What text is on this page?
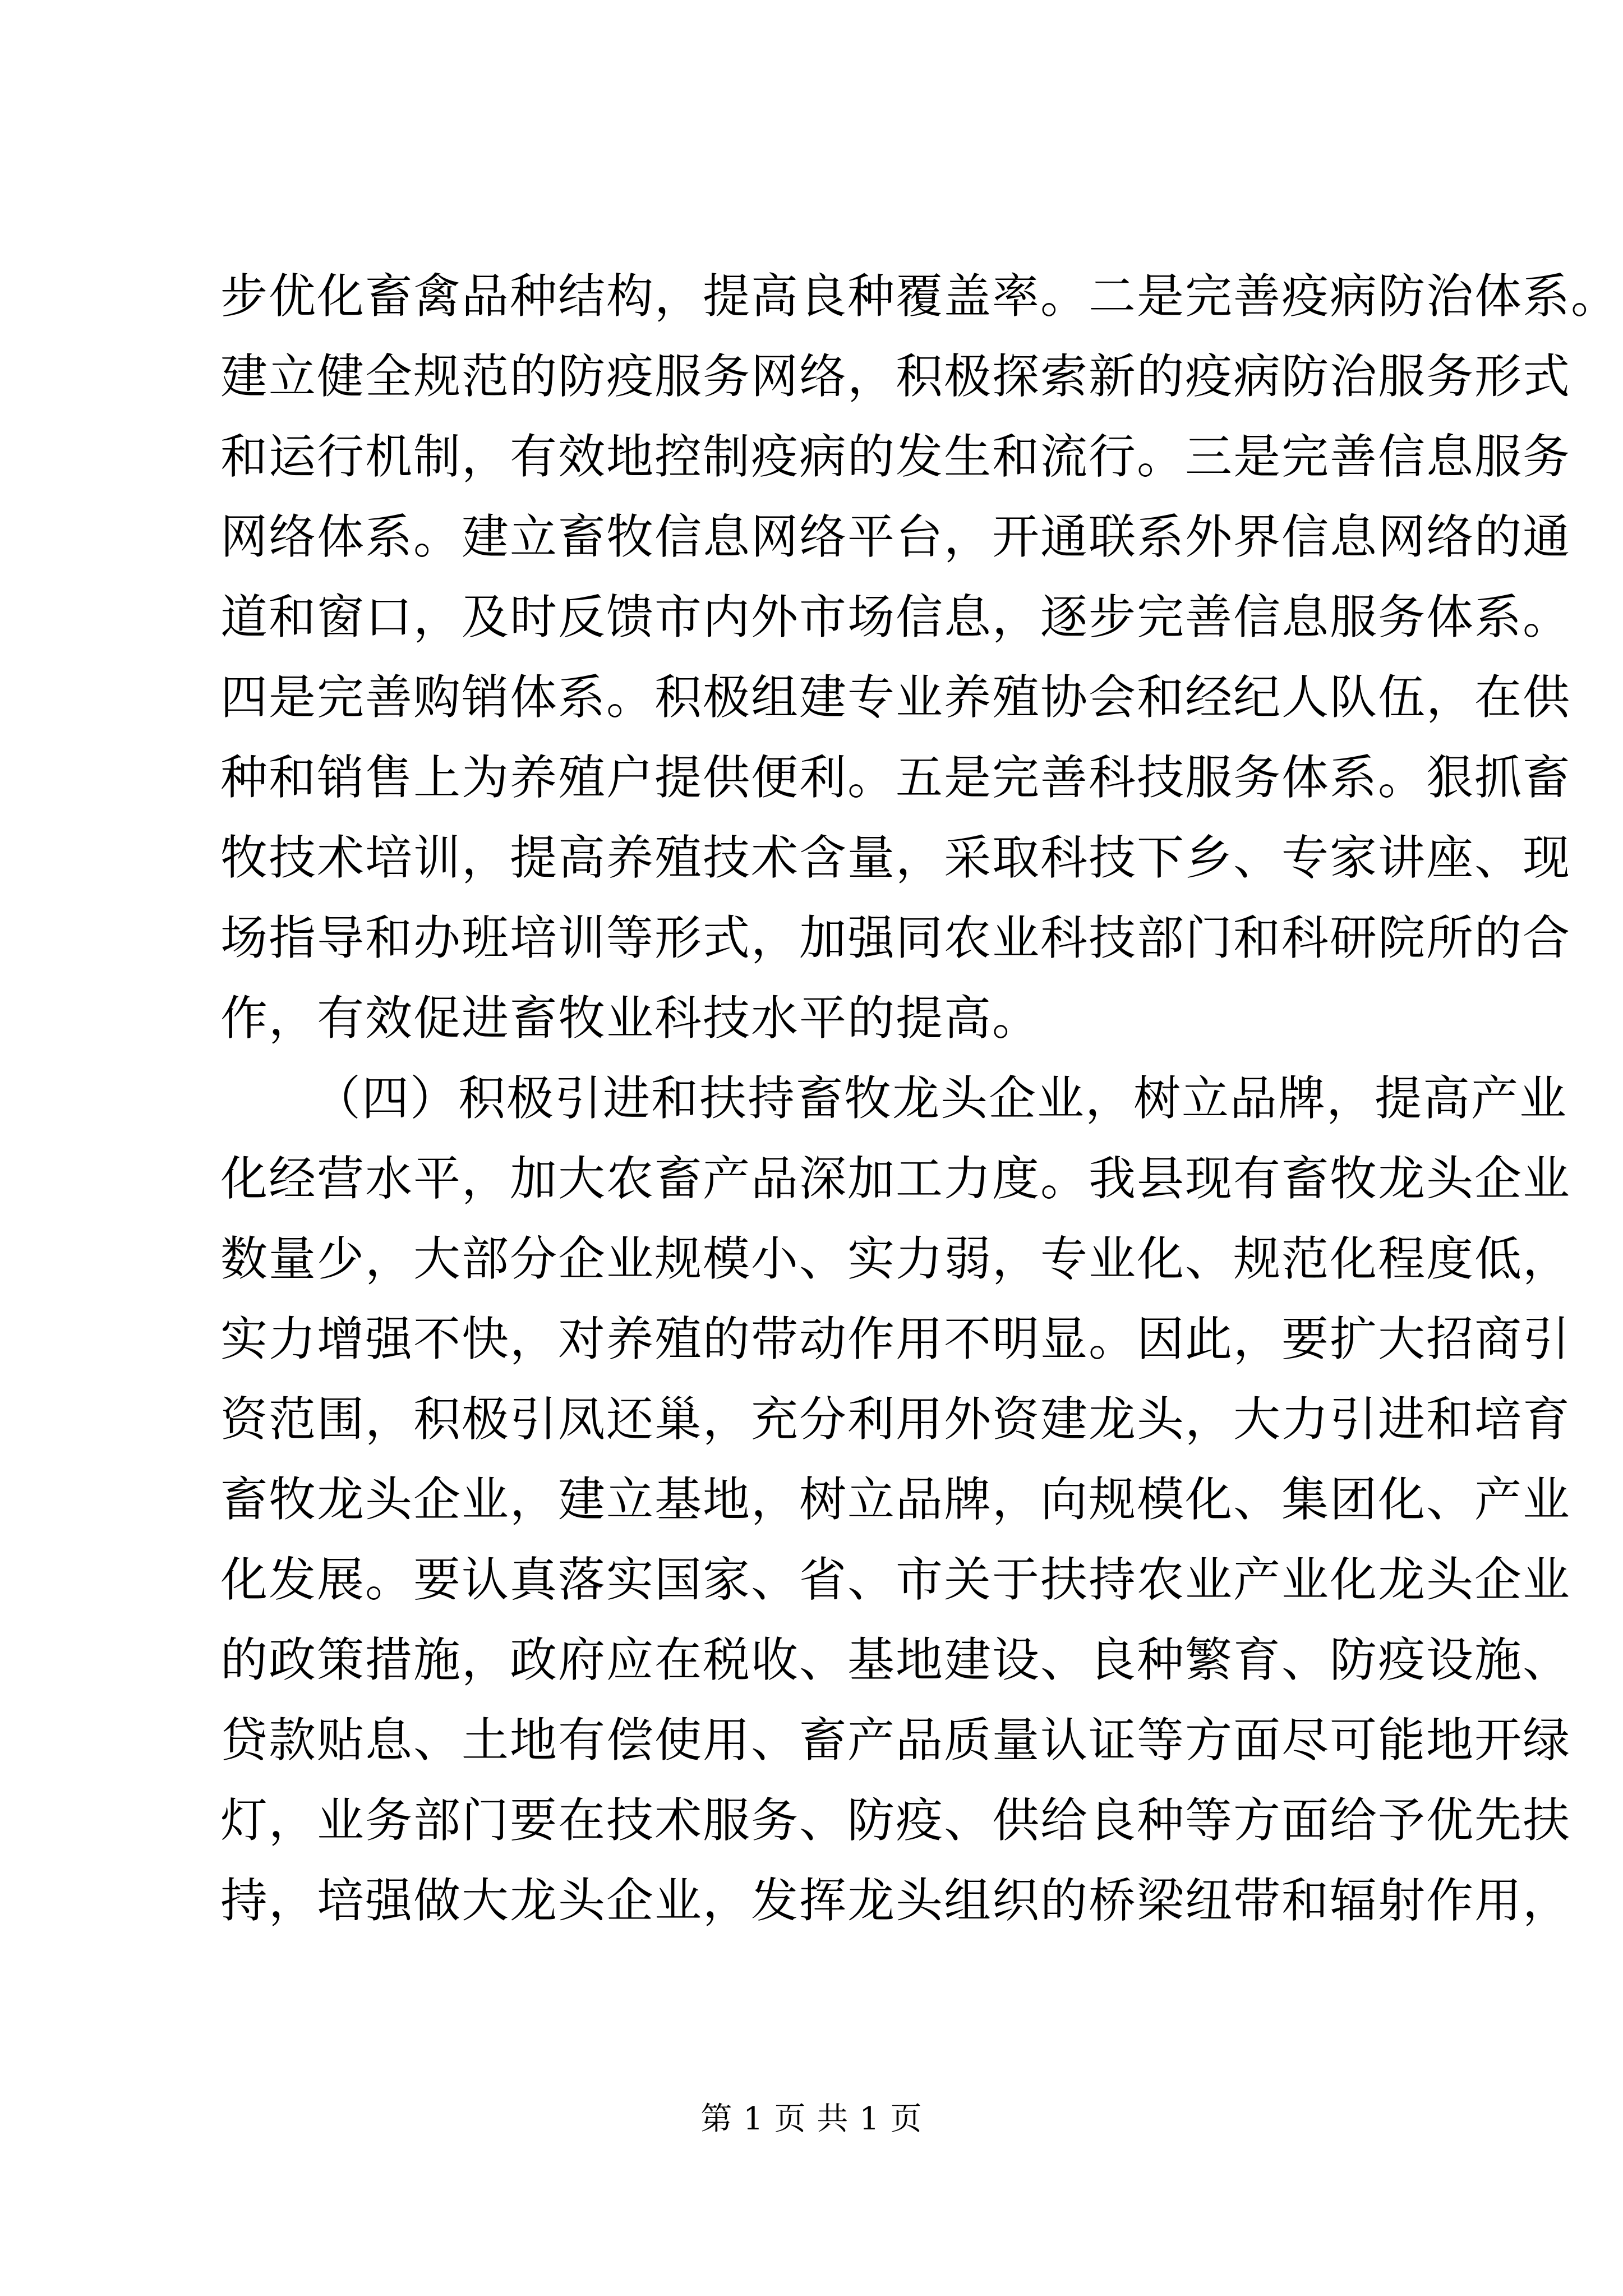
步优化畜禽品种结构，提高良种覆盖率。二是完善疫病防治体系。
建立健全规范的防疫服务网络，积极探索新的疫病防治服务形式
和运行机制，有效地控制疫病的发生和流行。三是完善信息服务
网络体系。建立畜牧信息网络平台，开通联系外界信息网络的通
道和窗口，及时反馈市内外市场信息，逐步完善信息服务体系。
四是完善购销体系。积极组建专业养殖协会和经纪人队伍，在供
种和销售上为养殖户提供便利。五是完善科技服务体系。狠抓畜
牧技术培训，提高养殖技术含量，采取科技下乡、专家讲座、现
场指导和办班培训等形式，加强同农业科技部门和科研院所的合
作，有效促进畜牧业科技水平的提高。
（四）积极引进和扶持畜牧龙头企业，树立品牌，提高产业
化经营水平，加大农畜产品深加工力度。我县现有畜牧龙头企业
数量少，大部分企业规模小、实力弱，专业化、规范化程度低，
实力增强不快，对养殖的带动作用不明显。因此，要扩大招商引
资范围，积极引凤还巢，充分利用外资建龙头，大力引进和培育
畜牧龙头企业，建立基地，树立品牌，向规模化、集团化、产业
化发展。要认真落实国家、省、市关于扶持农业产业化龙头企业
的政策措施，政府应在税收、基地建设、良种繁育、防疫设施、
贷款贴息、土地有偿使用、畜产品质量认证等方面尽可能地开绿
灯，业务部门要在技术服务、防疫、供给良种等方面给予优先扶
持，培强做大龙头企业，发挥龙头组织的桥梁纽带和辐射作用，
第 1 页 共 1 页
